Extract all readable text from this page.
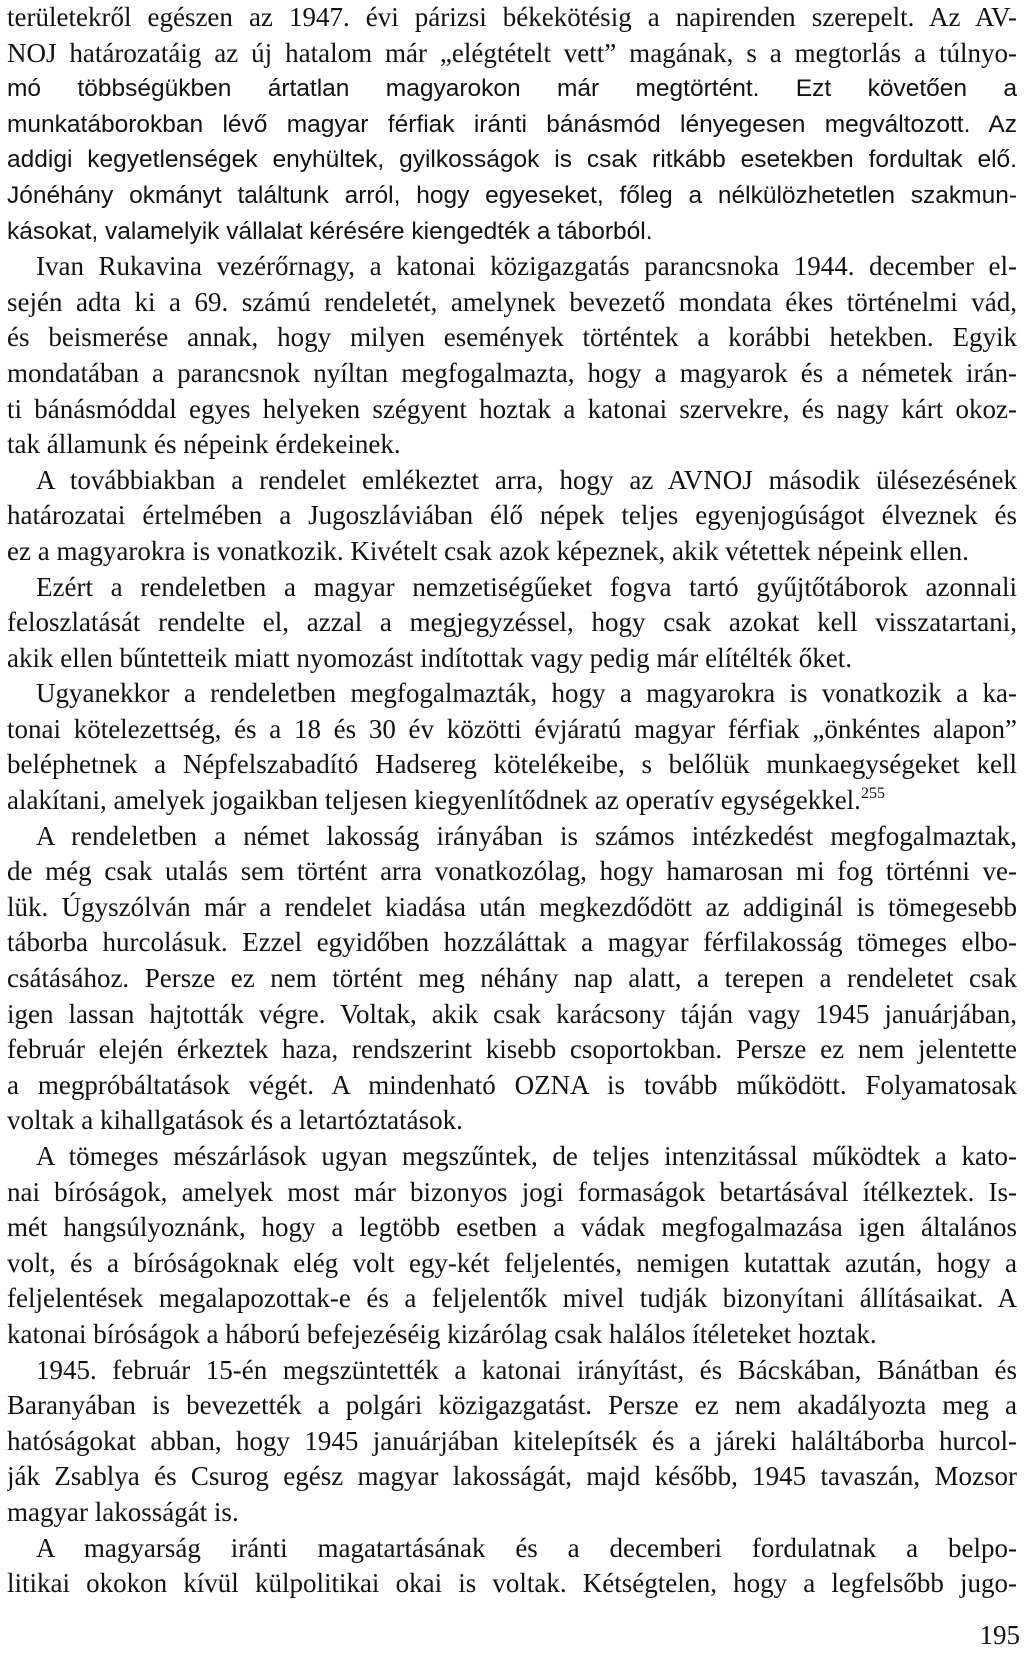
területekről egészen az 1947. évi párizsi békekötésig a napirenden szerepelt. Az AV-
NOJ határozatáig az új hatalom már „elégtételt vett” magának, s a megtorlás a túlnyo-
mó többségükben ártatlan magyarokon már megtörtént. Ezt követően a
munkatáborokban lévő magyar férfiak iránti bánásmód lényegesen megváltozott. Az
addigi kegyetlenségek enyhültek, gyilkosságok is csak ritkább esetekben fordultak elő.
Jónéhány okmányt találtunk arról, hogy egyeseket, főleg a nélkülözhetetlen szakmun-
kásokat, valamelyik vállalat kérésére kiengedték a táborból.
Ivan Rukavina vezérőrnagy, a katonai közigazgatás parancsnoka 1944. december el-
sején adta ki a 69. számú rendeletét, amelynek bevezető mondata ékes történelmi vád,
és beismerése annak, hogy milyen események történtek a korábbi hetekben. Egyik
mondatában a parancsnok nyíltan megfogalmazta, hogy a magyarok és a németek irán-
ti bánásmóddal egyes helyeken szégyent hoztak a katonai szervekre, és nagy kárt okoz-
tak államunk és népeink érdekeinek.
A továbbiakban a rendelet emlékeztet arra, hogy az AVNOJ második ülésezésének
határozatai értelmében a Jugoszláviában élő népek teljes egyenjogúságot élveznek és
ez a magyarokra is vonatkozik. Kivételt csak azok képeznek, akik vétettek népeink ellen.
Ezért a rendeletben a magyar nemzetiségűeket fogva tartó gyűjtőtáborok azonnali
feloszlatását rendelte el, azzal a megjegyzéssel, hogy csak azokat kell visszatartani,
akik ellen bűntetteik miatt nyomozást indítottak vagy pedig már elítélték őket.
Ugyanekkor a rendeletben megfogalmazták, hogy a magyarokra is vonatkozik a ka-
tonai kötelezettség, és a 18 és 30 év közötti évjáratú magyar férfiak „önkéntes alapon”
beléphetnek a Népfelszabadító Hadsereg kötelékeibe, s belőlük munkaegységeket kell
alakítani, amelyek jogaikban teljesen kiegyenlítődnek az operatív egységekkel.$^{255}$
A rendeletben a német lakosság irányában is számos intézkedést megfogalmaztak,
de még csak utalás sem történt arra vonatkozólag, hogy hamarosan mi fog történni ve-
lük. Úgyszólván már a rendelet kiadása után megkezdődött az addiginál is tömegesebb
táborba hurcolásuk. Ezzel egyidőben hozzáláttak a magyar férfilakosság tömeges elbo-
csátásához. Persze ez nem történt meg néhány nap alatt, a terepen a rendeletet csak
igen lassan hajtották végre. Voltak, akik csak karácsony táján vagy 1945 januárjában,
február elején érkeztek haza, rendszerint kisebb csoportokban. Persze ez nem jelentette
a megpróbáltatások végét. A mindenható OZNA is tovább működött. Folyamatosak
voltak a kihallgatások és a letartóztatások.
A tömeges mészárlások ugyan megszűntek, de teljes intenzitással működtek a kato-
nai bíróságok, amelyek most már bizonyos jogi formaságok betartásával ítélkeztek. Is-
mét hangsúlyoznánk, hogy a legtöbb esetben a vádak megfogalmazása igen általános
volt, és a bíróságoknak elég volt egy-két feljelentés, nemigen kutattak azután, hogy a
feljelentések megalapozottak-e és a feljelentők mivel tudják bizonyítani állításaikat. A
katonai bíróságok a háború befejezéséig kizárólag csak halálos ítéleteket hoztak.
1945. február 15-én megszüntették a katonai irányítást, és Bácskában, Bánátban és
Baranyában is bevezették a polgári közigazgatást. Persze ez nem akadályozta meg a
hatóságokat abban, hogy 1945 januárjában kitelepítsék és a járeki haláltáborba hurcol-
ják Zsablya és Csurog egész magyar lakosságát, majd később, 1945 tavaszán, Mozsor
magyar lakosságát is.
A magyarság iránti magatartásának és a decemberi fordulatnak a belpo-
litikai okokon kívül külpolitikai okai is voltak. Kétségtelen, hogy a legfelsőbb jugo-
195
